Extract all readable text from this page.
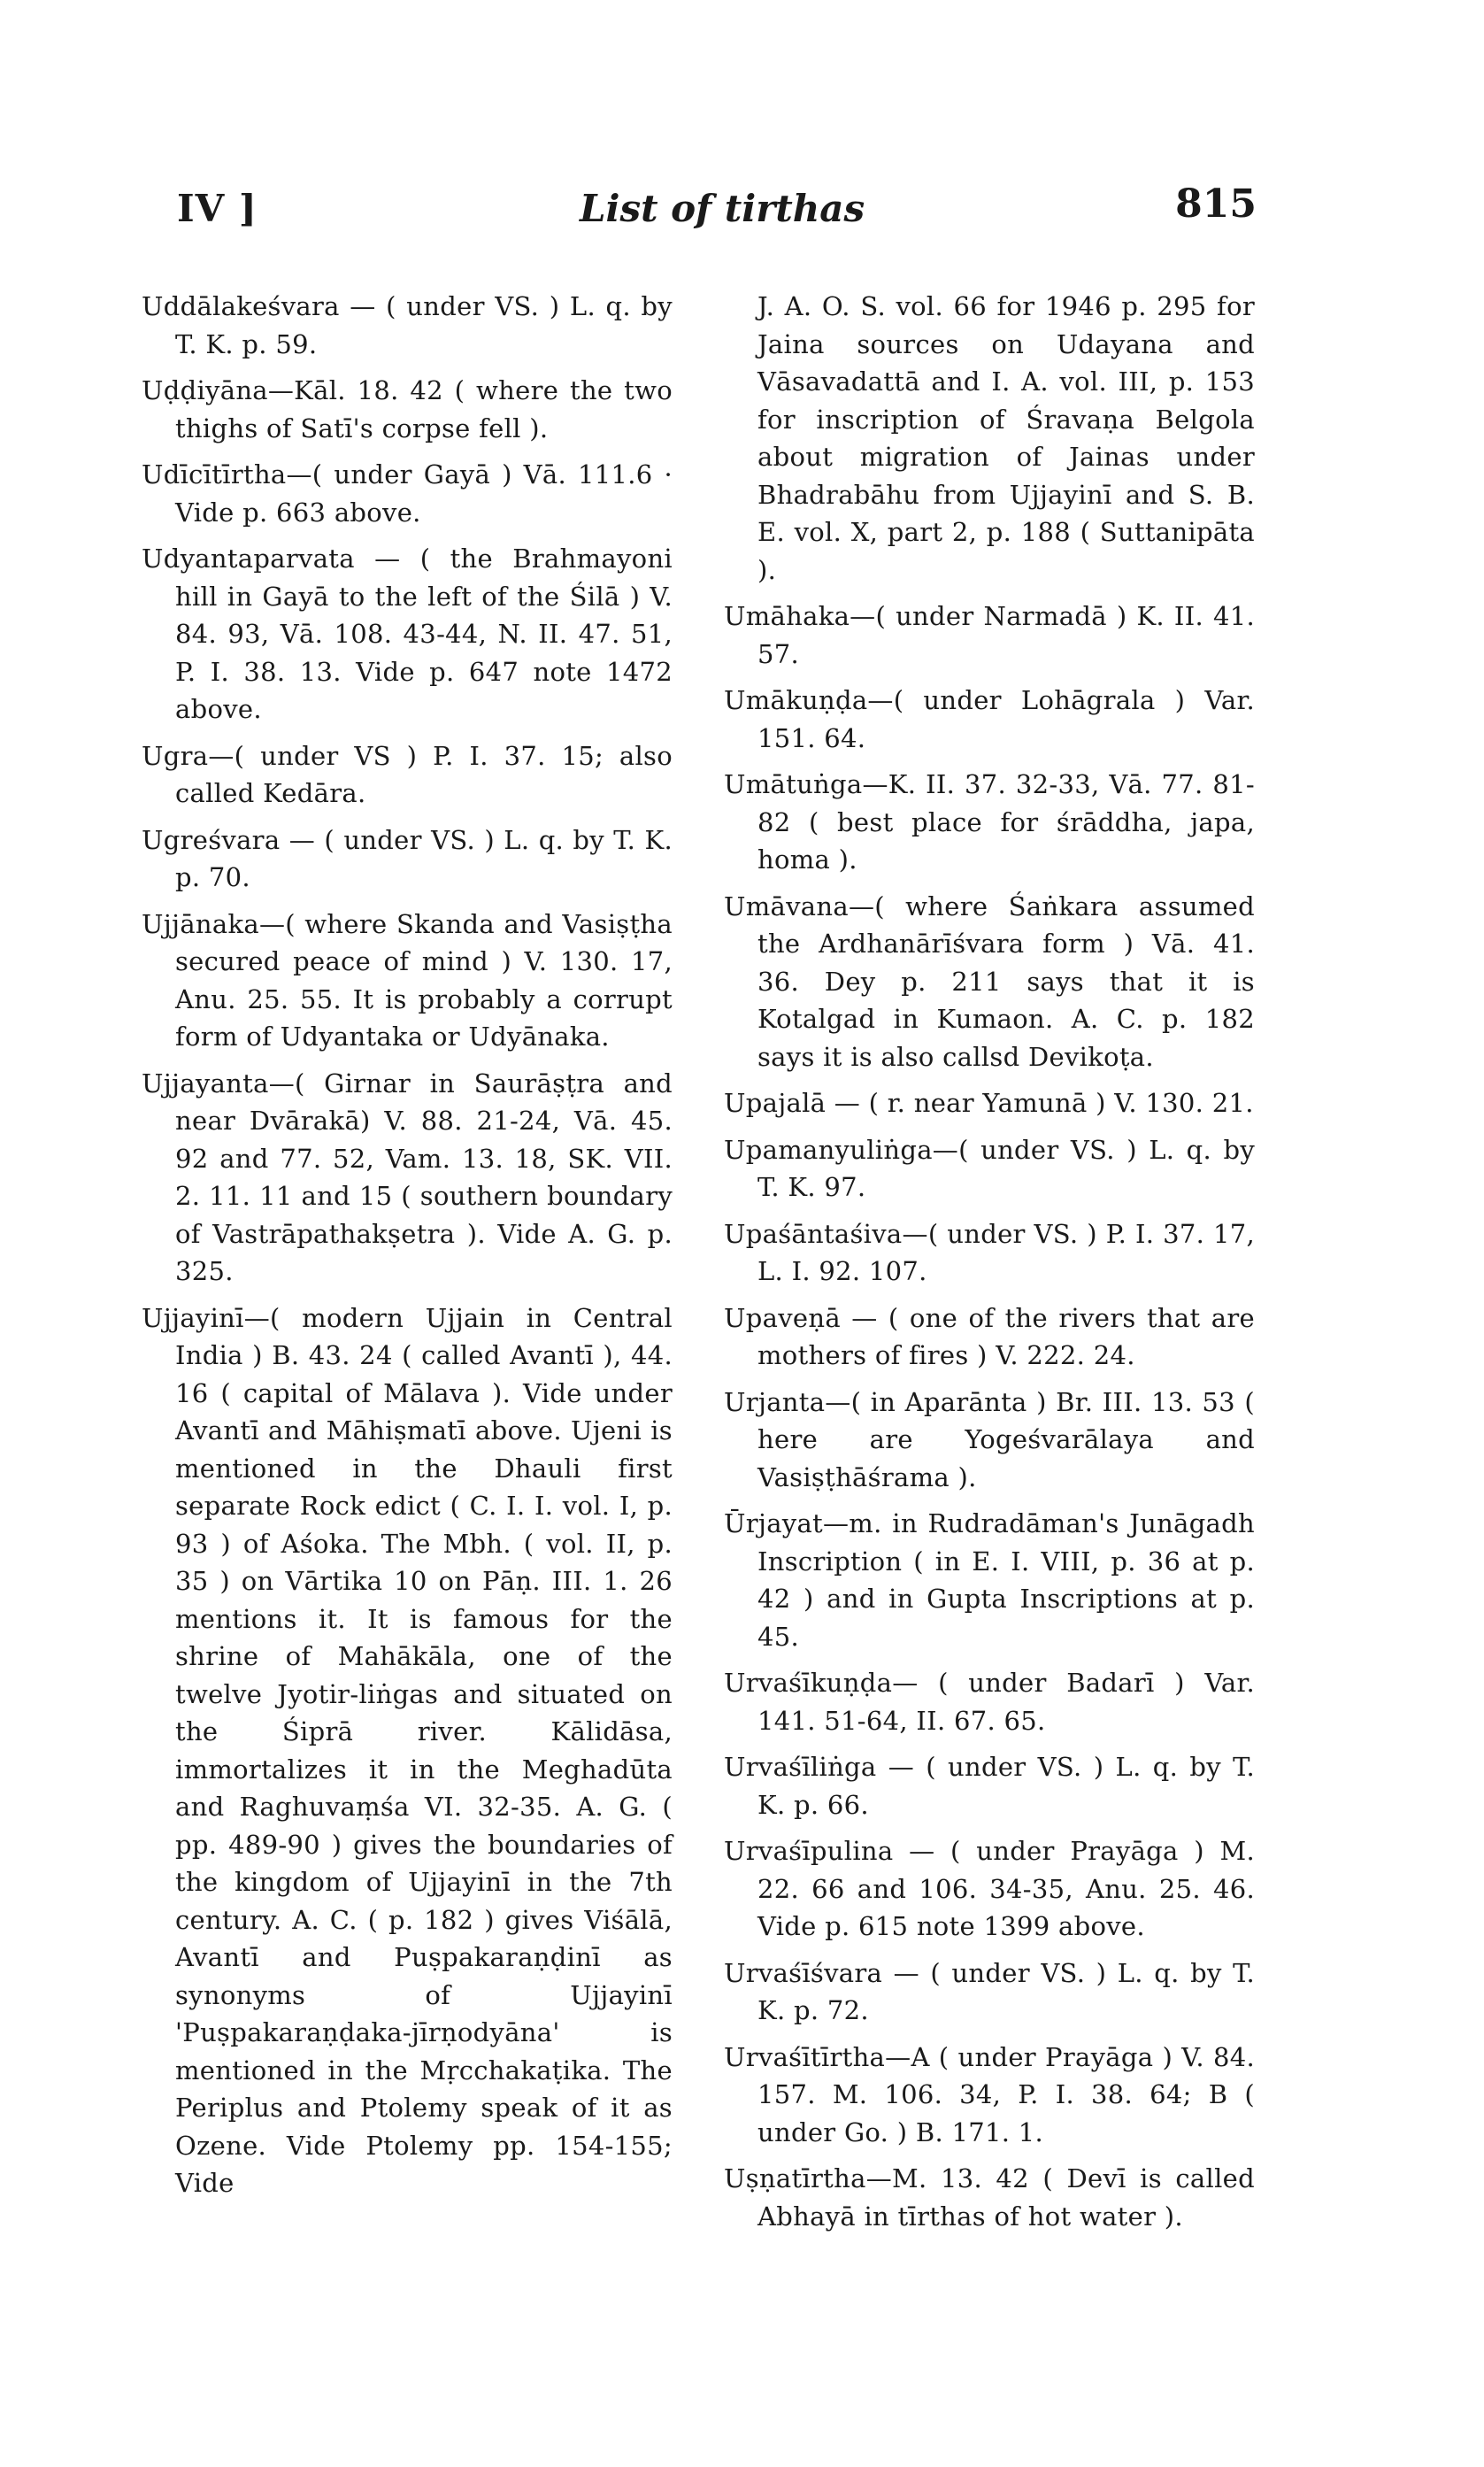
IV ]	List of tirthas	815

Uddālakeśvara — ( under VS. ) L. q. by T. K. p. 59.

Uḍḍiyāna—Kāl. 18. 42 ( where the two thighs of Satī's corpse fell ).

Udīcītīrtha—( under Gayā ) Vā. 111.6 · Vide p. 663 above.

Udyantaparvata — ( the Brahmayoni hill in Gayā to the left of the Śilā ) V. 84. 93, Vā. 108. 43-44, N. II. 47. 51, P. I. 38. 13. Vide p. 647 note 1472 above.

Ugra—( under VS ) P. I. 37. 15; also called Kedāra.

Ugreśvara — ( under VS. ) L. q. by T. K. p. 70.

Ujjānaka—( where Skanda and Vasiṣṭha secured peace of mind ) V. 130. 17, Anu. 25. 55. It is probably a corrupt form of Udyantaka or Udyānaka.

Ujjayanta—( Girnar in Saurāṣṭra and near Dvārakā) V. 88. 21-24, Vā. 45. 92 and 77. 52, Vam. 13. 18, SK. VII. 2. 11. 11 and 15 ( southern boundary of Vastrāpathakṣetra ). Vide A. G. p. 325.

Ujjayinī—( modern Ujjain in Central India ) B. 43. 24 ( called Avantī ), 44. 16 ( capital of Mālava ). Vide under Avantī and Māhiṣmatī above. Ujeni is mentioned in the Dhauli first separate Rock edict ( C. I. I. vol. I, p. 93 ) of Aśoka. The Mbh. ( vol. II, p. 35 ) on Vārtika 10 on Pāṇ. III. 1. 26 mentions it. It is famous for the shrine of Mahākāla, one of the twelve Jyotir-liṅgas and situated on the Śiprā river. Kālidāsa, immortalizes it in the Meghadūta and Raghuvaṃśa VI. 32-35. A. G. ( pp. 489-90 ) gives the boundaries of the kingdom of Ujjayinī in the 7th century. A. C. ( p. 182 ) gives Viśālā, Avantī and Puṣpakaraṇḍinī as synonyms of Ujjayinī 'Puṣpakaraṇḍaka-jīrṇodyāna' is mentioned in the Mṛcchakaṭika. The Periplus and Ptolemy speak of it as Ozene. Vide Ptolemy pp. 154-155; Vide

J. A. O. S. vol. 66 for 1946 p. 295 for Jaina sources on Udayana and Vāsavadattā and I. A. vol. III, p. 153 for inscription of Śravaṇa Belgola about migration of Jainas under Bhadrabāhu from Ujjayinī and S. B. E. vol. X, part 2, p. 188 ( Suttanipāta ).

Umāhaka—( under Narmadā ) K. II. 41. 57.

Umākuṇḍa—( under Lohāgrala ) Var. 151. 64.

Umātuṅga—K. II. 37. 32-33, Vā. 77. 81-82 ( best place for śrāddha, japa, homa ).

Umāvana—( where Śaṅkara assumed the Ardhanārīśvara form ) Vā. 41. 36. Dey p. 211 says that it is Kotalgad in Kumaon. A. C. p. 182 says it is also callsd Devikoṭa.

Upajalā — ( r. near Yamunā ) V. 130. 21.

Upamanyuliṅga—( under VS. ) L. q. by T. K. 97.

Upaśāntaśiva—( under VS. ) P. I. 37. 17, L. I. 92. 107.

Upaveṇā — ( one of the rivers that are mothers of fires ) V. 222. 24.

Urjanta—( in Aparānta ) Br. III. 13. 53 ( here are Yogeśvarālaya and Vasiṣṭhāśrama ).

Ūrjayat—m. in Rudradāman's Junāgadh Inscription ( in E. I. VIII, p. 36 at p. 42 ) and in Gupta Inscriptions at p. 45.

Urvaśīkuṇḍa— ( under Badarī ) Var. 141. 51-64, II. 67. 65.

Urvaśīliṅga — ( under VS. ) L. q. by T. K. p. 66.

Urvaśīpulina — ( under Prayāga ) M. 22. 66 and 106. 34-35, Anu. 25. 46. Vide p. 615 note 1399 above.

Urvaśīśvara — ( under VS. ) L. q. by T. K. p. 72.

Urvaśītīrtha—A ( under Prayāga ) V. 84. 157. M. 106. 34, P. I. 38. 64; B ( under Go. ) B. 171. 1.

Uṣṇatīrtha—M. 13. 42 ( Devī is called Abhayā in tīrthas of hot water ).
